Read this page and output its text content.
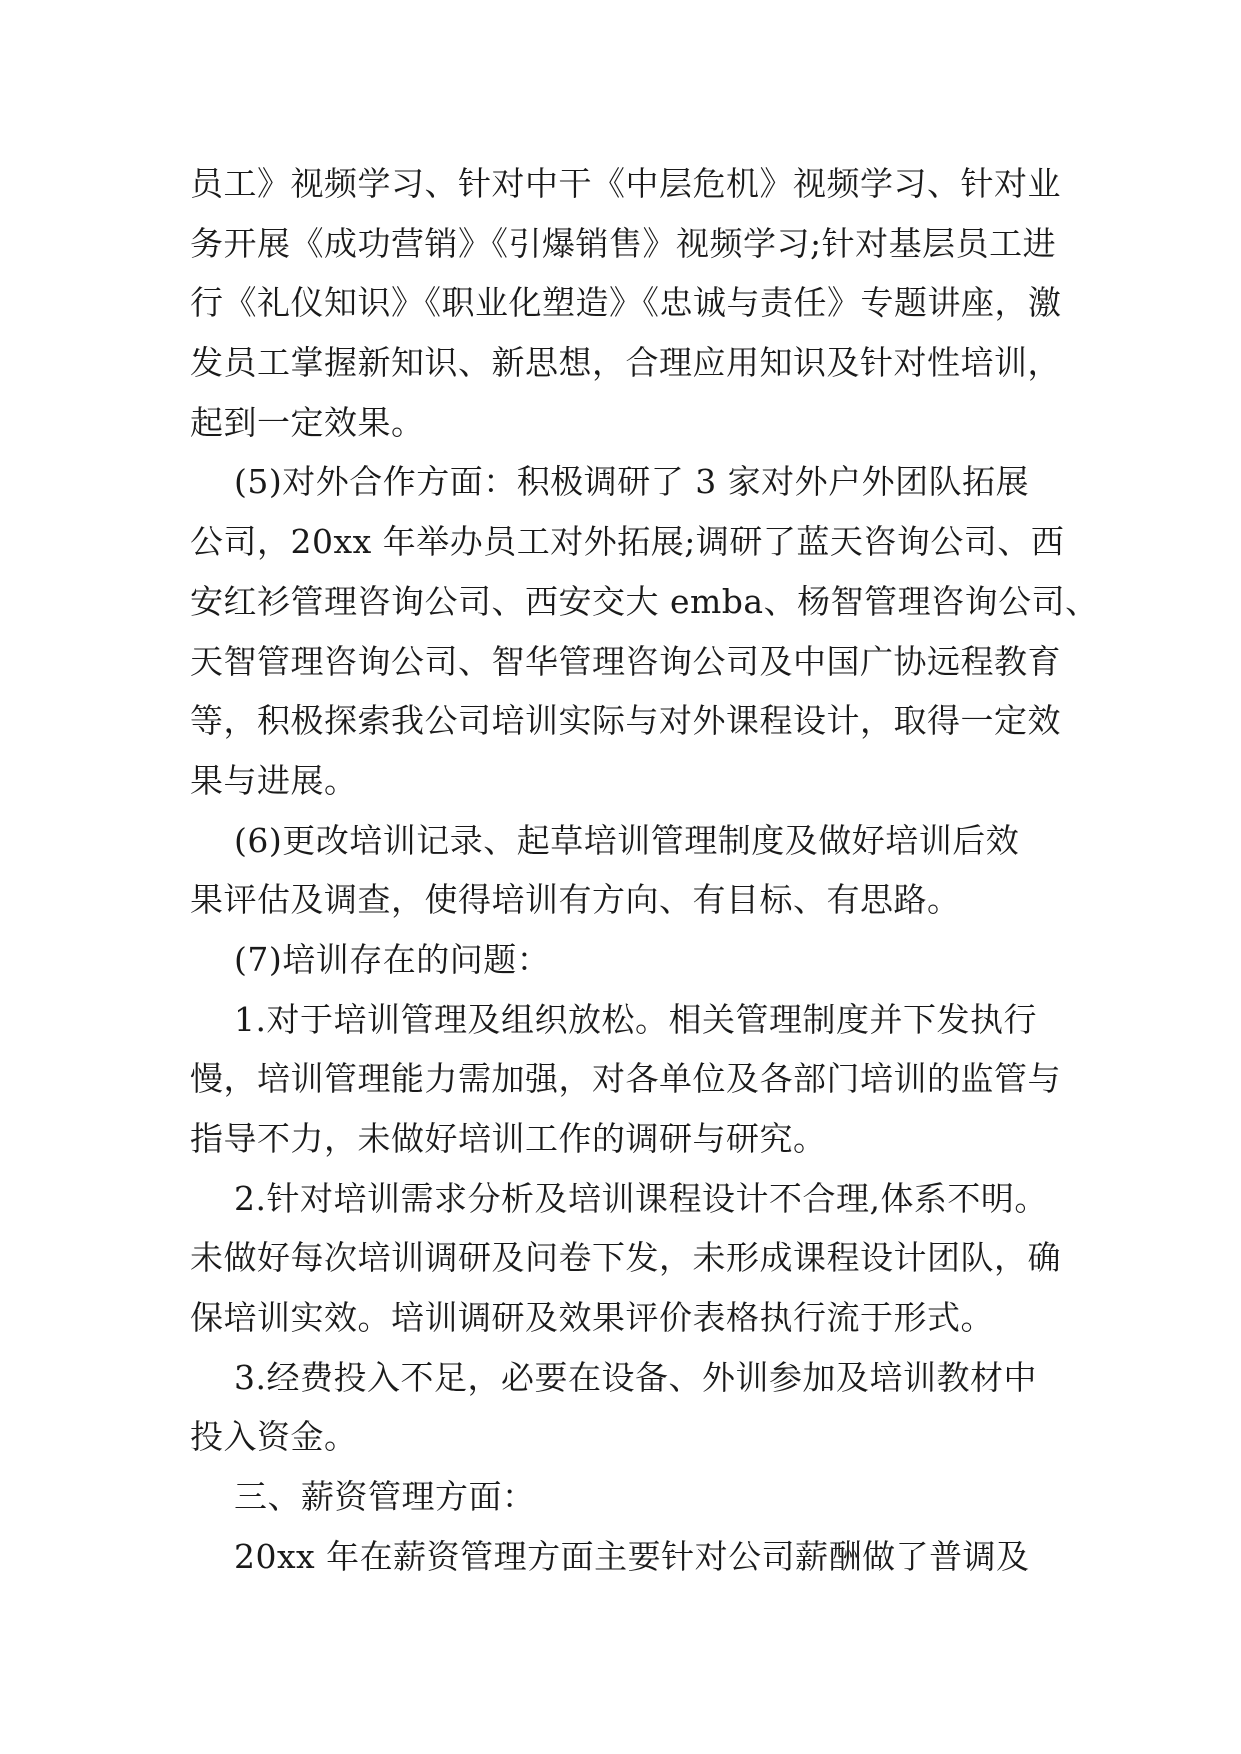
员工》视频学习、针对中干《中层危机》视频学习、针对业
务开展《成功营销》《引爆销售》视频学习;针对基层员工进
行《礼仪知识》《职业化塑造》《忠诚与责任》专题讲座，激
发员工掌握新知识、新思想，合理应用知识及针对性培训，
起到一定效果。
(5)对外合作方面：积极调研了 3 家对外户外团队拓展
公司，20xx 年举办员工对外拓展;调研了蓝天咨询公司、西
安红衫管理咨询公司、西安交大 emba、杨智管理咨询公司、
天智管理咨询公司、智华管理咨询公司及中国广协远程教育
等，积极探索我公司培训实际与对外课程设计，取得一定效
果与进展。
(6)更改培训记录、起草培训管理制度及做好培训后效
果评估及调查，使得培训有方向、有目标、有思路。
(7)培训存在的问题：
1.对于培训管理及组织放松。相关管理制度并下发执行
慢，培训管理能力需加强，对各单位及各部门培训的监管与
指导不力，未做好培训工作的调研与研究。
2.针对培训需求分析及培训课程设计不合理,体系不明。
未做好每次培训调研及问卷下发，未形成课程设计团队，确
保培训实效。培训调研及效果评价表格执行流于形式。
3.经费投入不足，必要在设备、外训参加及培训教材中
投入资金。
三、薪资管理方面：
20xx 年在薪资管理方面主要针对公司薪酬做了普调及
